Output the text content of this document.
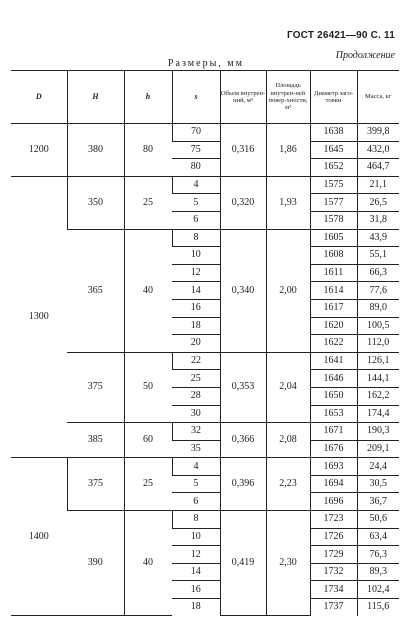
ГОСТ 26421—90 С. 11
Продолжение
Размеры, мм
D	H	h	s	Объем внутрен-ний, м³	Площадь внутрен-ней повер-хности, м²	Диаметр заго-товки	Масса, кг
1200	380	80	70	0,316	1,86	1638	399,8
			75			1645	432,0
			80			1652	464,7
1300	350	25	4	0,320	1,93	1575	21,1
			5			1577	26,5
			6			1578	31,8
	365	40	8	0,340	2,00	1605	43,9
			10			1608	55,1
			12			1611	66,3
			14			1614	77,6
			16			1617	89,0
			18			1620	100,5
			20			1622	112,0
	375	50	22	0,353	2,04	1641	126,1
			25			1646	144,1
			28			1650	162,2
			30			1653	174,4
	385	60	32	0,366	2,08	1671	190,3
			35			1676	209,1
1400	375	25	4	0,396	2,23	1693	24,4
			5			1694	30,5
			6			1696	36,7
	390	40	8	0,419	2,30	1723	50,6
			10			1726	63,4
			12			1729	76,3
			14			1732	89,3
			16			1734	102,4
			18			1737	115,6
